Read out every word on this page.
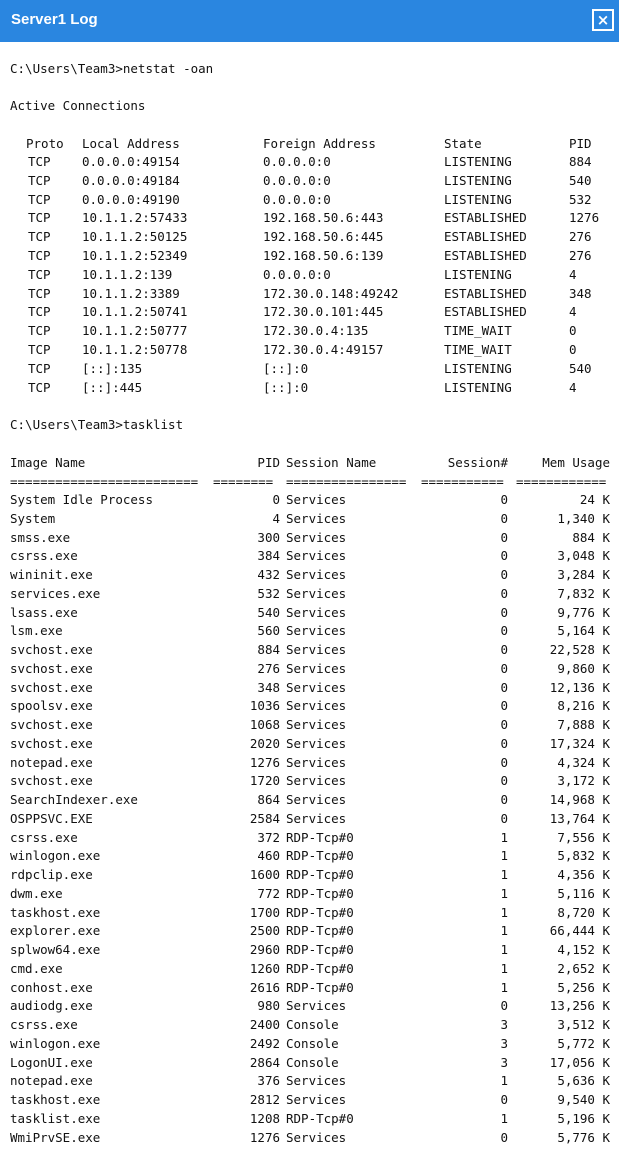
Server1 Log	×
C:\Users\Team3>netstat -oan
Active Connections
Proto Local Address	Foreign Address	State	PID
TCP	0.0.0.0:49154	0.0.0.0:0	LISTENING	884
TCP	0.0.0.0:49184	0.0.0.0:0	LISTENING	540
TCP	0.0.0.0:49190	0.0.0.0:0	LISTENING	532
TCP	10.1.1.2:57433	192.168.50.6:443	ESTABLISHED	1276
TCP	10.1.1.2:50125	192.168.50.6:445	ESTABLISHED	276
TCP	10.1.1.2:52349	192.168.50.6:139	ESTABLISHED	276
TCP	10.1.1.2:139	0.0.0.0:0	LISTENING	4
TCP	10.1.1.2:3389	172.30.0.148:49242	ESTABLISHED	348
TCP	10.1.1.2:50741	172.30.0.101:445	ESTABLISHED	4
TCP	10.1.1.2:50777	172.30.0.4:135	TIME_WAIT	0
TCP	10.1.1.2:50778	172.30.0.4:49157	TIME_WAIT	0
TCP	[::]:135	[::]:0	LISTENING	540
TCP	[::]:445	[::]:0	LISTENING	4
C:\Users\Team3>tasklist
Image Name	PID Session Name	Session#	Mem Usage
========================= ======== ================ =========== ============
System Idle Process	0 Services	0	24 K
System	4 Services	0	1,340 K
smss.exe	300 Services	0	884 K
csrss.exe	384 Services	0	3,048 K
wininit.exe	432 Services	0	3,284 K
services.exe	532 Services	0	7,832 K
lsass.exe	540 Services	0	9,776 K
lsm.exe	560 Services	0	5,164 K
svchost.exe	884 Services	0	22,528 K
svchost.exe	276 Services	0	9,860 K
svchost.exe	348 Services	0	12,136 K
spoolsv.exe	1036 Services	0	8,216 K
svchost.exe	1068 Services	0	7,888 K
svchost.exe	2020 Services	0	17,324 K
notepad.exe	1276 Services	0	4,324 K
svchost.exe	1720 Services	0	3,172 K
SearchIndexer.exe	864 Services	0	14,968 K
OSPPSVC.EXE	2584 Services	0	13,764 K
csrss.exe	372 RDP-Tcp#0	1	7,556 K
winlogon.exe	460 RDP-Tcp#0	1	5,832 K
rdpclip.exe	1600 RDP-Tcp#0	1	4,356 K
dwm.exe	772 RDP-Tcp#0	1	5,116 K
taskhost.exe	1700 RDP-Tcp#0	1	8,720 K
explorer.exe	2500 RDP-Tcp#0	1	66,444 K
splwow64.exe	2960 RDP-Tcp#0	1	4,152 K
cmd.exe	1260 RDP-Tcp#0	1	2,652 K
conhost.exe	2616 RDP-Tcp#0	1	5,256 K
audiodg.exe	980 Services	0	13,256 K
csrss.exe	2400 Console	3	3,512 K
winlogon.exe	2492 Console	3	5,772 K
LogonUI.exe	2864 Console	3	17,056 K
notepad.exe	376 Services	1	5,636 K
taskhost.exe	2812 Services	0	9,540 K
tasklist.exe	1208 RDP-Tcp#0	1	5,196 K
WmiPrvSE.exe	1276 Services	0	5,776 K
